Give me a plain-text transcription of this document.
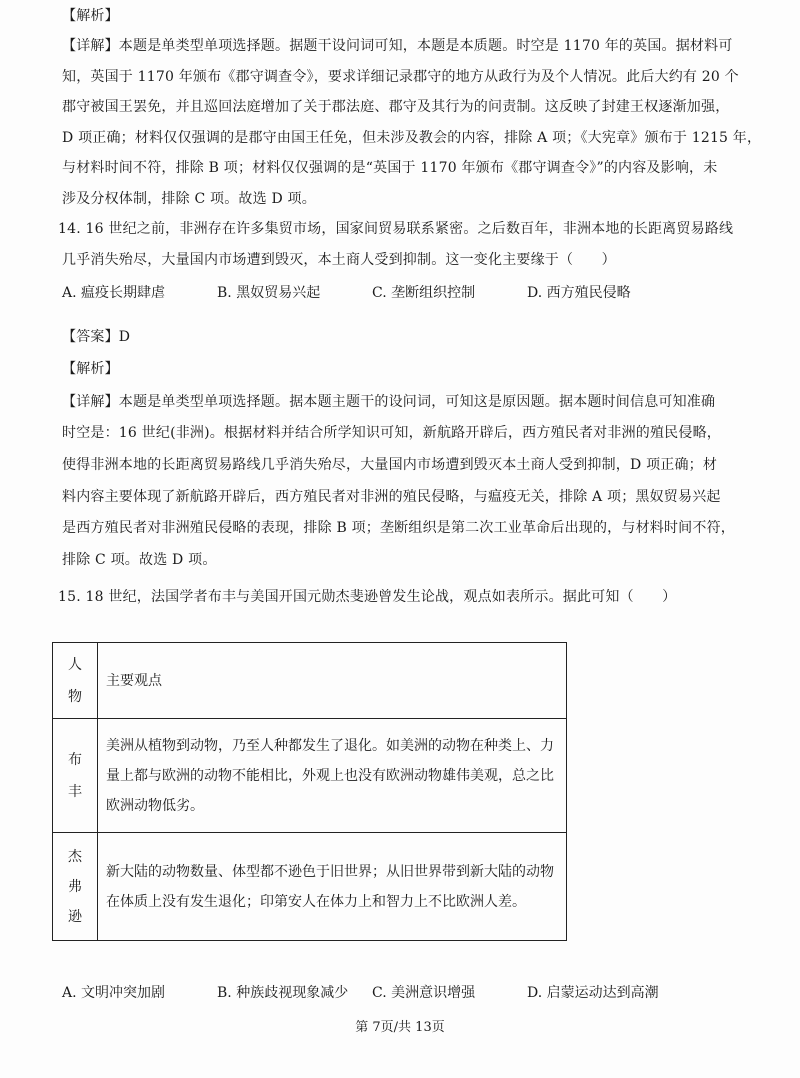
【解析】
【详解】本题是单类型单项选择题。据题干设问词可知，本题是本质题。时空是 1170 年的英国。据材料可
知，英国于 1170 年颁布《郡守调查令》，要求详细记录郡守的地方从政行为及个人情况。此后大约有 20 个
郡守被国王罢免，并且巡回法庭增加了关于郡法庭、郡守及其行为的问责制。这反映了封建王权逐渐加强，
D 项正确；材料仅仅强调的是郡守由国王任免，但未涉及教会的内容，排除 A 项；《大宪章》颁布于 1215 年，
与材料时间不符，排除 B 项；材料仅仅强调的是“英国于 1170 年颁布《郡守调查令》”的内容及影响，未
涉及分权体制，排除 C 项。故选 D 项。
14. 16 世纪之前，非洲存在许多集贸市场，国家间贸易联系紧密。之后数百年，非洲本地的长距离贸易路线
几乎消失殆尽，大量国内市场遭到毁灭，本土商人受到抑制。这一变化主要缘于（　　）
A. 瘟疫长期肆虐	B. 黑奴贸易兴起	C. 垄断组织控制	D. 西方殖民侵略
【答案】D
【解析】
【详解】本题是单类型单项选择题。据本题主题干的设问词，可知这是原因题。据本题时间信息可知准确
时空是：16 世纪(非洲)。根据材料并结合所学知识可知，新航路开辟后，西方殖民者对非洲的殖民侵略，
使得非洲本地的长距离贸易路线几乎消失殆尽，大量国内市场遭到毁灭本土商人受到抑制，D 项正确；材
料内容主要体现了新航路开辟后，西方殖民者对非洲的殖民侵略，与瘟疫无关，排除 A 项；黑奴贸易兴起
是西方殖民者对非洲殖民侵略的表现，排除 B 项；垄断组织是第二次工业革命后出现的，与材料时间不符，
排除 C 项。故选 D 项。
15. 18 世纪，法国学者布丰与美国开国元勋杰斐逊曾发生论战，观点如表所示。据此可知（　　）
人物	主要观点

布丰	美洲从植物到动物，乃至人种都发生了退化。如美洲的动物在种类上、力量上都与欧洲的动物不能相比，外观上也没有欧洲动物雄伟美观，总之比欧洲动物低劣。

杰弗逊	新大陆的动物数量、体型都不逊色于旧世界；从旧世界带到新大陆的动物在体质上没有发生退化；印第安人在体力上和智力上不比欧洲人差。
A. 文明冲突加剧	B. 种族歧视现象减少	C. 美洲意识增强	D. 启蒙运动达到高潮
第 7页/共 13页
